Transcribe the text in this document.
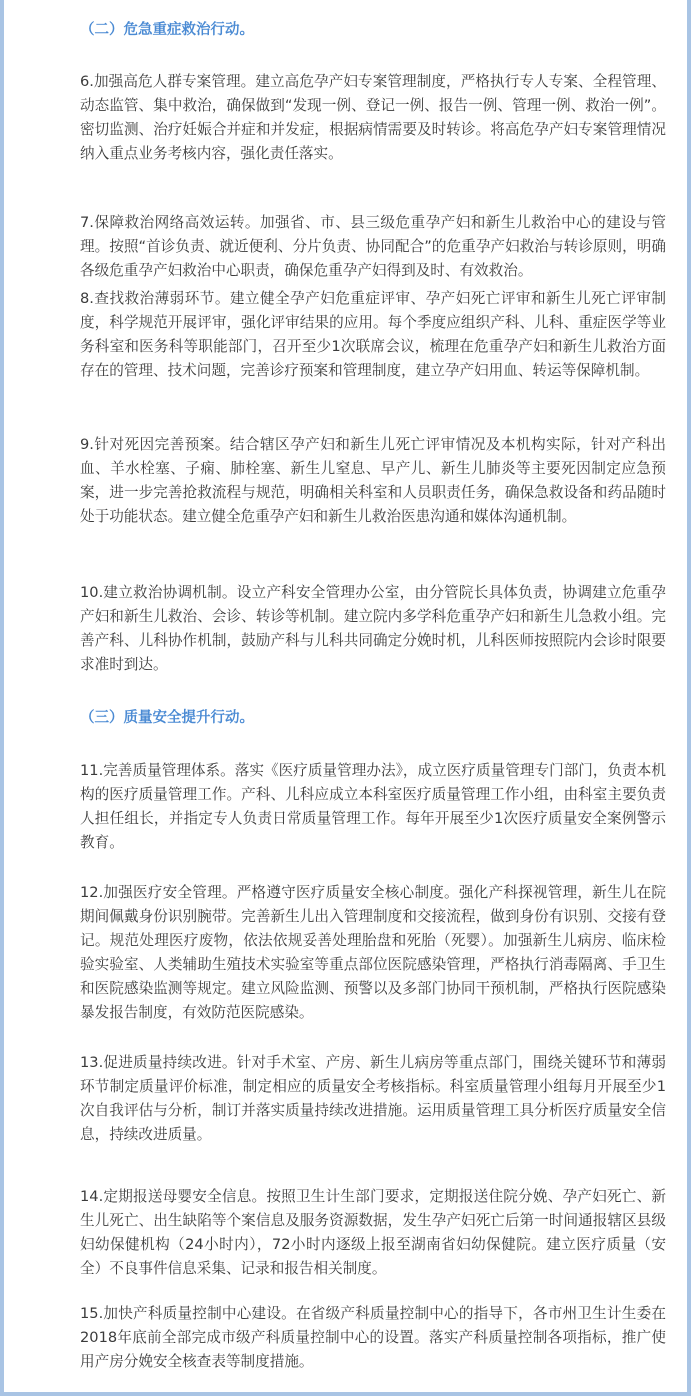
（二）危急重症救治行动。

6.加强高危人群专案管理。建立高危孕产妇专案管理制度，严格执行专人专案、全程管理、动态监管、集中救治，确保做到“发现一例、登记一例、报告一例、管理一例、救治一例”。密切监测、治疗妊娠合并症和并发症，根据病情需要及时转诊。将高危孕产妇专案管理情况纳入重点业务考核内容，强化责任落实。

7.保障救治网络高效运转。加强省、市、县三级危重孕产妇和新生儿救治中心的建设与管理。按照“首诊负责、就近便利、分片负责、协同配合”的危重孕产妇救治与转诊原则，明确各级危重孕产妇救治中心职责，确保危重孕产妇得到及时、有效救治。

8.查找救治薄弱环节。建立健全孕产妇危重症评审、孕产妇死亡评审和新生儿死亡评审制度，科学规范开展评审，强化评审结果的应用。每个季度应组织产科、儿科、重症医学等业务科室和医务科等职能部门，召开至少1次联席会议，梳理在危重孕产妇和新生儿救治方面存在的管理、技术问题，完善诊疗预案和管理制度，建立孕产妇用血、转运等保障机制。

9.针对死因完善预案。结合辖区孕产妇和新生儿死亡评审情况及本机构实际，针对产科出血、羊水栓塞、子痫、肺栓塞、新生儿窒息、早产儿、新生儿肺炎等主要死因制定应急预案，进一步完善抢救流程与规范，明确相关科室和人员职责任务，确保急救设备和药品随时处于功能状态。建立健全危重孕产妇和新生儿救治医患沟通和媒体沟通机制。

10.建立救治协调机制。设立产科安全管理办公室，由分管院长具体负责，协调建立危重孕产妇和新生儿救治、会诊、转诊等机制。建立院内多学科危重孕产妇和新生儿急救小组。完善产科、儿科协作机制，鼓励产科与儿科共同确定分娩时机，儿科医师按照院内会诊时限要求准时到达。

（三）质量安全提升行动。

11.完善质量管理体系。落实《医疗质量管理办法》，成立医疗质量管理专门部门，负责本机构的医疗质量管理工作。产科、儿科应成立本科室医疗质量管理工作小组，由科室主要负责人担任组长，并指定专人负责日常质量管理工作。每年开展至少1次医疗质量安全案例警示教育。

12.加强医疗安全管理。严格遵守医疗质量安全核心制度。强化产科探视管理，新生儿在院期间佩戴身份识别腕带。完善新生儿出入管理制度和交接流程，做到身份有识别、交接有登记。规范处理医疗废物，依法依规妥善处理胎盘和死胎（死婴）。加强新生儿病房、临床检验实验室、人类辅助生殖技术实验室等重点部位医院感染管理，严格执行消毒隔离、手卫生和医院感染监测等规定。建立风险监测、预警以及多部门协同干预机制，严格执行医院感染暴发报告制度，有效防范医院感染。

13.促进质量持续改进。针对手术室、产房、新生儿病房等重点部门，围绕关键环节和薄弱环节制定质量评价标准，制定相应的质量安全考核指标。科室质量管理小组每月开展至少1次自我评估与分析，制订并落实质量持续改进措施。运用质量管理工具分析医疗质量安全信息，持续改进质量。

14.定期报送母婴安全信息。按照卫生计生部门要求，定期报送住院分娩、孕产妇死亡、新生儿死亡、出生缺陷等个案信息及服务资源数据，发生孕产妇死亡后第一时间通报辖区县级妇幼保健机构（24小时内），72小时内逐级上报至湖南省妇幼保健院。建立医疗质量（安全）不良事件信息采集、记录和报告相关制度。

15.加快产科质量控制中心建设。在省级产科质量控制中心的指导下，各市州卫生计生委在2018年底前全部完成市级产科质量控制中心的设置。落实产科质量控制各项指标，推广使用产房分娩安全核查表等制度措施。
